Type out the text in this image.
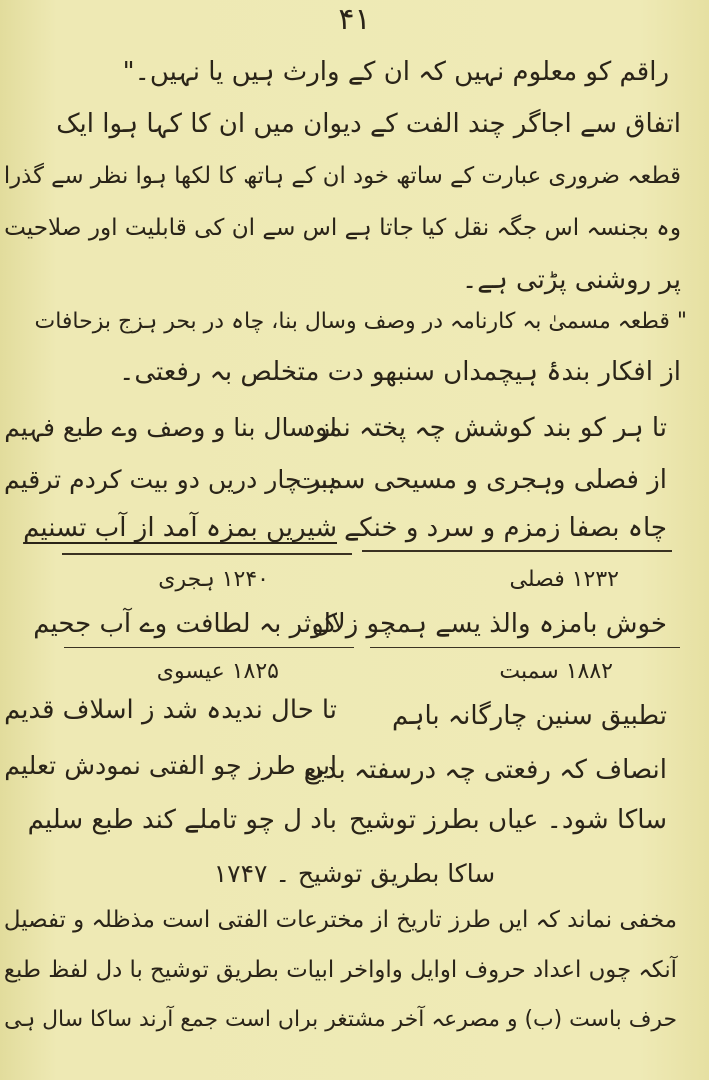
۴۱
راقم کو معلوم نہیں کہ ان کے وارث ہیں یا نہیں۔"
اتفاق سے اجاگر چند الفت کے دیوان میں ان کا کہا ہوا ایک
قطعہ ضروری عبارت کے ساتھ خود ان کے ہاتھ کا لکھا ہوا نظر سے گذرا
وہ بجنسہ اس جگہ نقل کیا جاتا ہے اس سے ان کی قابلیت اور صلاحیت
پر روشنی پڑتی ہے۔
" قطعہ مسمیٰ بہ کارنامہ در وصف وسال بنا، چاہ در بحر ہزج بزحافات
از افکار بندۂ ہیچمداں سنبھو دت متخلص بہ رفعتی۔
تا ہر کو بند کوشش چہ پختہ نمود
از سال بنا و وصف وے طبع فہیم
از فصلی وہجری و مسیحی سمبت
ہر چار دریں دو بیت کردم ترقیم
چاہ بصفا زمزم و سرد و خنکے
شیریں بمزہ آمد از آب تسنیم
۱۲۳۲ فصلی
۱۲۴۰ ہجری
خوش بامزہ والذ یسے ہمچو زلال
کوثر بہ لطافت وے آب جحیم
۱۸۸۲ سمبت
۱۸۲۵ عیسوی
تطبیق سنین چارگانہ باہم
تا حال ندیدہ شد ز اسلاف قدیم
انصاف کہ رفعتی چہ درسفتہ بدیع
ایں طرز چو الفتی نمودش تعلیم
ساکا شود۔ عیاں بطرز توشیح
باد ل چو تاملے کند طبع سلیم
ساکا بطریق توشیح ۔ ۱۷۴۷
مخفی نماند کہ ایں طرز تاریخ از مخترعات الفتی است مذظلہ و تفصیل
آنکہ چوں اعداد حروف اوایل واواخر ابیات بطریق توشیح با دل لفظ طبع
حرف باست (ب) و مصرعہ آخر مشتغر براں است جمع آرند ساکا سال ہی
